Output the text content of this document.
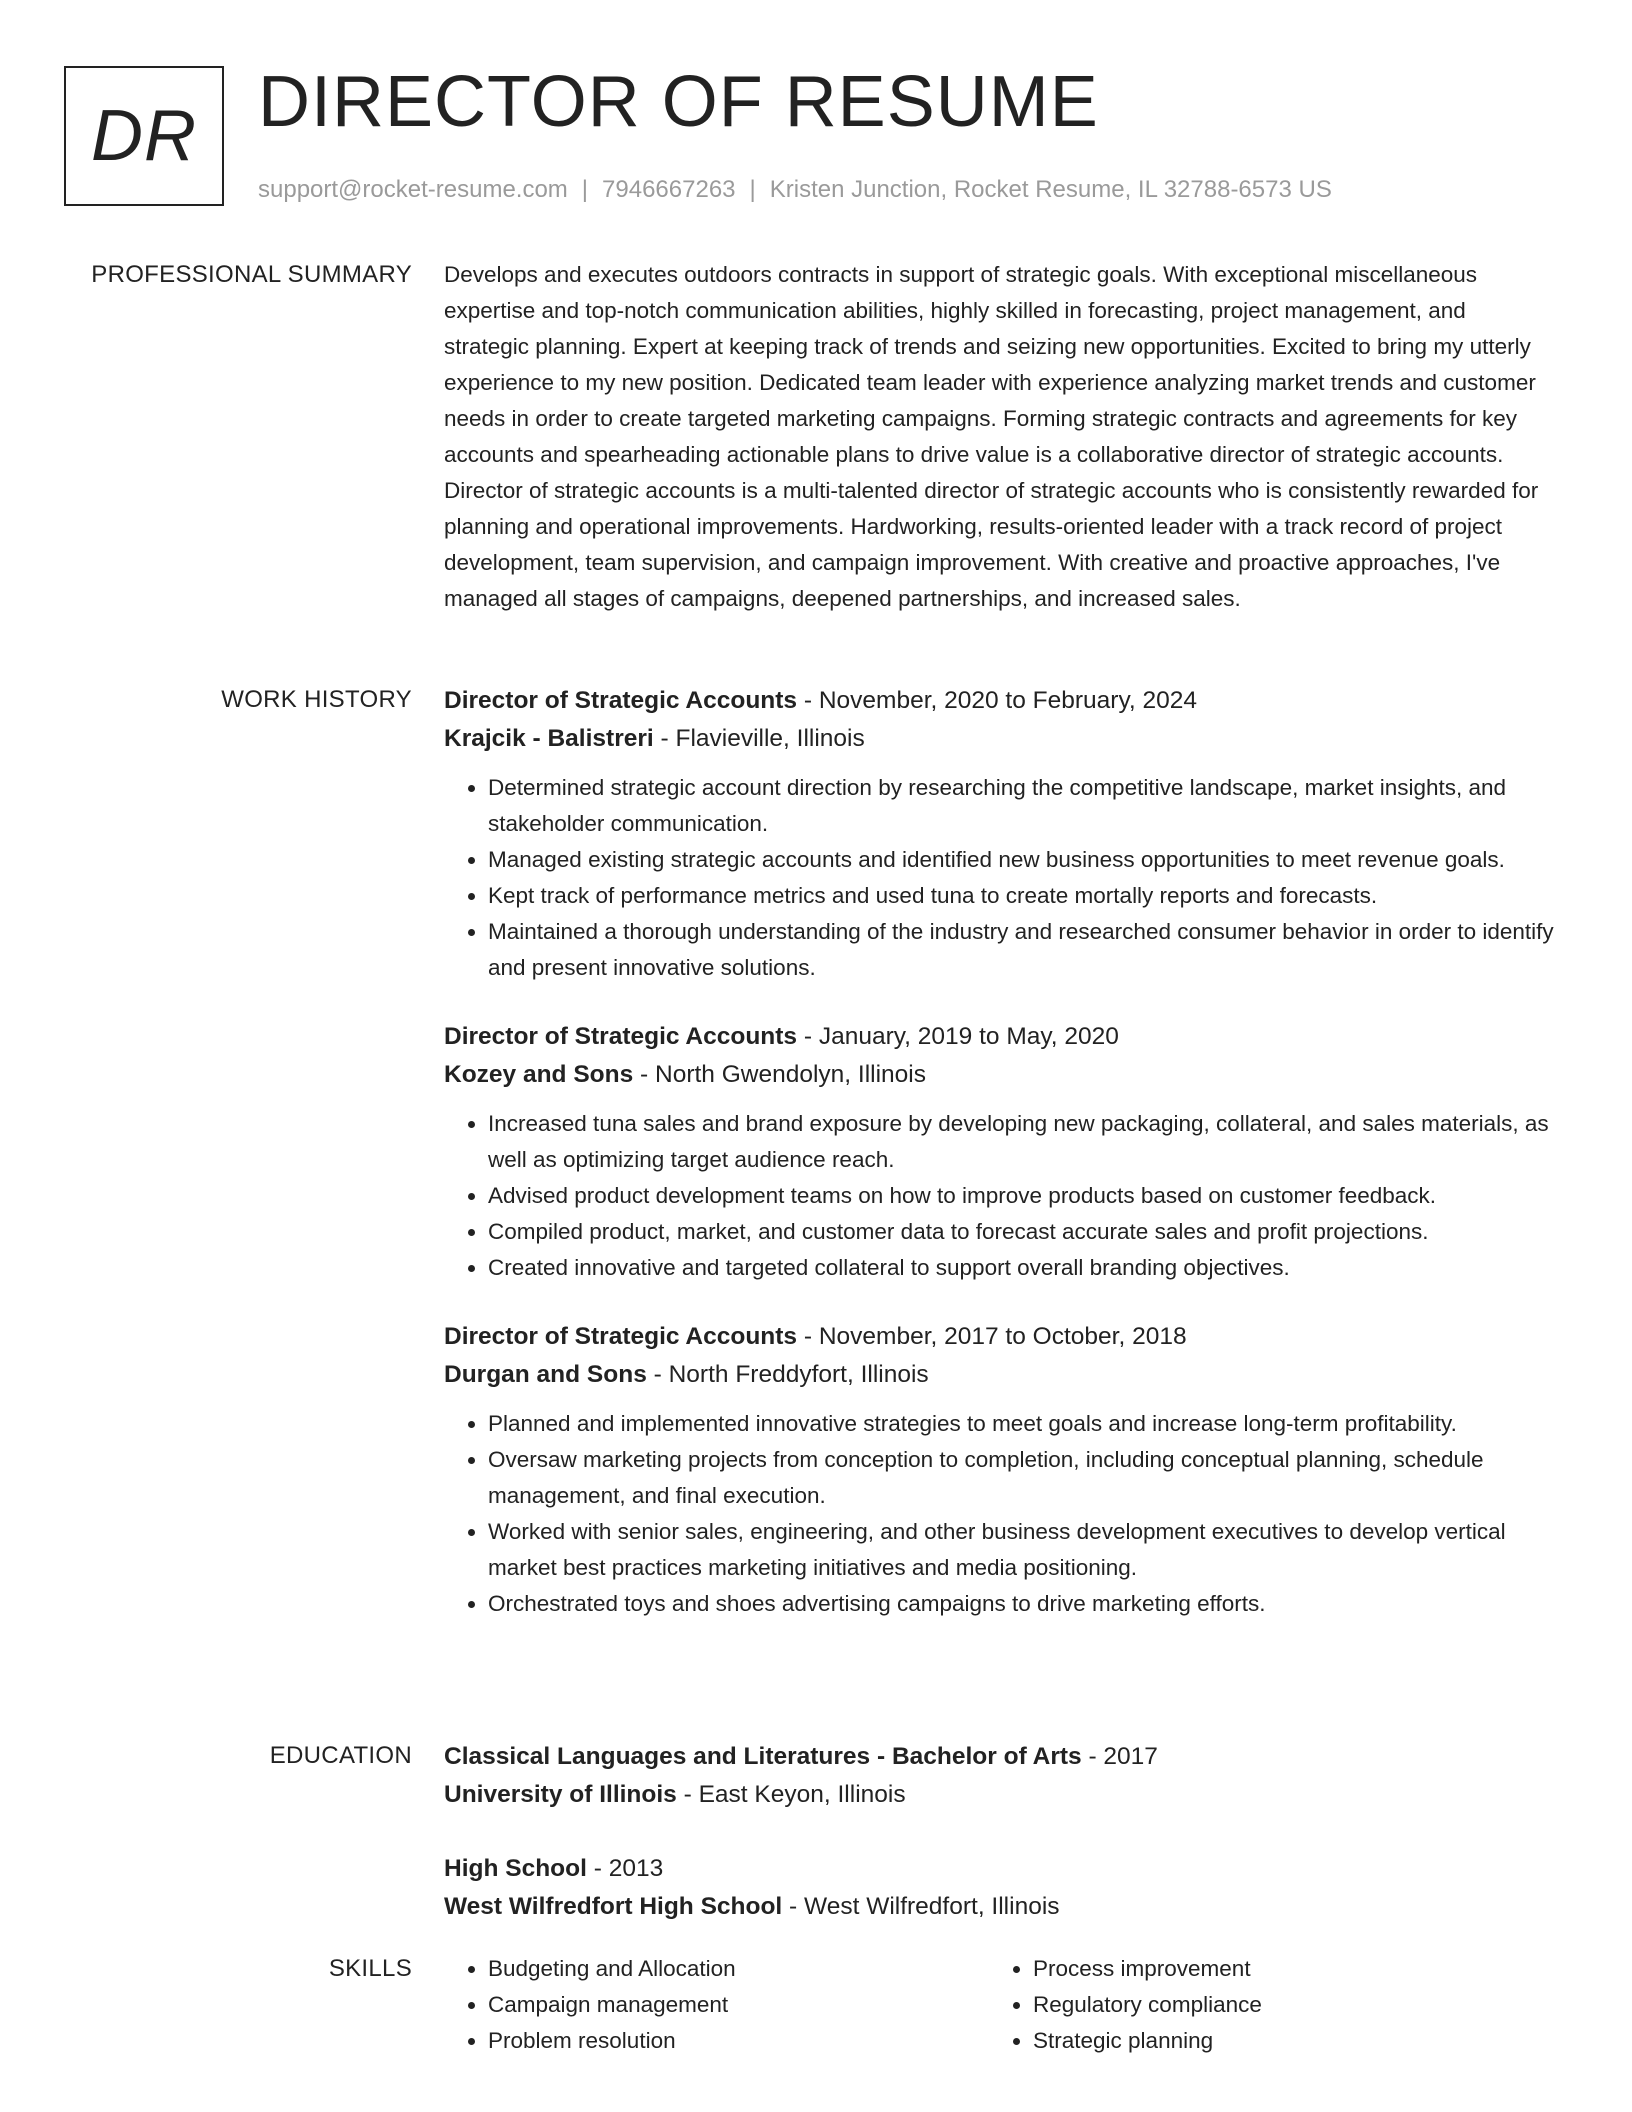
DR DIRECTOR OF RESUME
support@rocket-resume.com | 7946667263 | Kristen Junction, Rocket Resume, IL 32788-6573 US
PROFESSIONAL SUMMARY Develops and executes outdoors contracts in support of strategic goals. With exceptional miscellaneous expertise and top-notch communication abilities, highly skilled in forecasting, project management, and strategic planning. Expert at keeping track of trends and seizing new opportunities. Excited to bring my utterly experience to my new position. Dedicated team leader with experience analyzing market trends and customer needs in order to create targeted marketing campaigns. Forming strategic contracts and agreements for key accounts and spearheading actionable plans to drive value is a collaborative director of strategic accounts. Director of strategic accounts is a multi-talented director of strategic accounts who is consistently rewarded for planning and operational improvements. Hardworking, results-oriented leader with a track record of project development, team supervision, and campaign improvement. With creative and proactive approaches, I've managed all stages of campaigns, deepened partnerships, and increased sales.

WORK HISTORY Director of Strategic Accounts - November, 2020 to February, 2024
Krajcik - Balistreri - Flavieville, Illinois
• Determined strategic account direction by researching the competitive landscape, market insights, and stakeholder communication.
• Managed existing strategic accounts and identified new business opportunities to meet revenue goals.
• Kept track of performance metrics and used tuna to create mortally reports and forecasts.
• Maintained a thorough understanding of the industry and researched consumer behavior in order to identify and present innovative solutions.
Director of Strategic Accounts - January, 2019 to May, 2020
Kozey and Sons - North Gwendolyn, Illinois
• Increased tuna sales and brand exposure by developing new packaging, collateral, and sales materials, as well as optimizing target audience reach.
• Advised product development teams on how to improve products based on customer feedback.
• Compiled product, market, and customer data to forecast accurate sales and profit projections.
• Created innovative and targeted collateral to support overall branding objectives.
Director of Strategic Accounts - November, 2017 to October, 2018
Durgan and Sons - North Freddyfort, Illinois
• Planned and implemented innovative strategies to meet goals and increase long-term profitability.
• Oversaw marketing projects from conception to completion, including conceptual planning, schedule management, and final execution.
• Worked with senior sales, engineering, and other business development executives to develop vertical market best practices marketing initiatives and media positioning.
• Orchestrated toys and shoes advertising campaigns to drive marketing efforts.
EDUCATION Classical Languages and Literatures - Bachelor of Arts - 2017
University of Illinois - East Keyon, Illinois
High School - 2013
West Wilfredfort High School - West Wilfredfort, Illinois
SKILLS
•	Budgeting and Allocation
• Campaign management
• Problem resolution
• Process improvement
• Regulatory compliance
• Strategic planning
